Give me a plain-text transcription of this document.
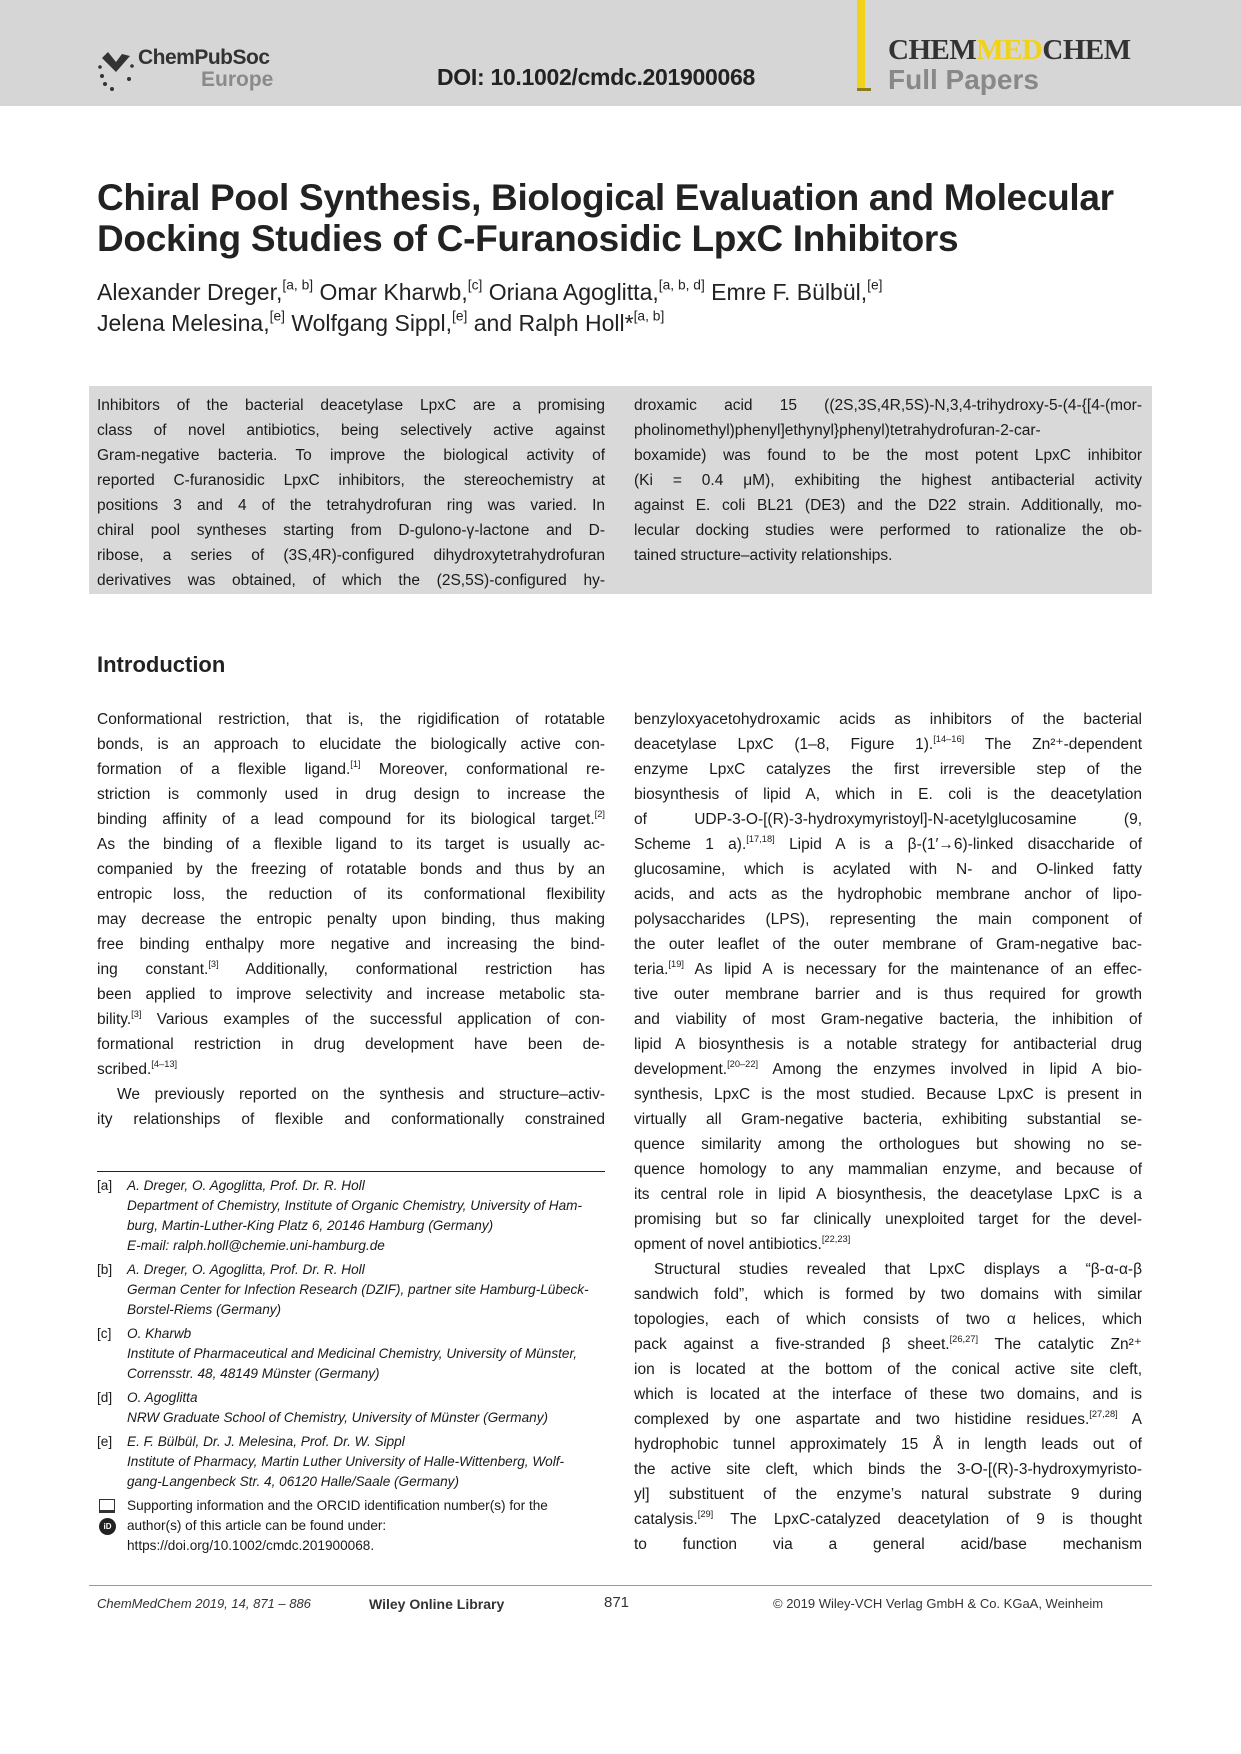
ChemPubSoc
Europe	DOI: 10.1002/cmdc.201900068
CHEMMEDCHEM
Full Papers
Chiral Pool Synthesis, Biological Evaluation and Molecular
Docking Studies of C-Furanosidic LpxC Inhibitors
Alexander Dreger,[a, b] Omar Kharwb,[c] Oriana Agoglitta,[a, b, d] Emre F. Bülbül,[e]
Jelena Melesina,[e] Wolfgang Sippl,[e] and Ralph Holl*[a, b]
Inhibitors of the bacterial deacetylase LpxC are a promising
class of novel antibiotics, being selectively active against
Gram-negative bacteria. To improve the biological activity of
reported C-furanosidic LpxC inhibitors, the stereochemistry at
positions 3 and 4 of the tetrahydrofuran ring was varied. In
chiral pool syntheses starting from D-gulono-γ-lactone and D-
ribose, a series of (3S,4R)-configured dihydroxytetrahydrofuran
derivatives was obtained, of which the (2S,5S)-configured hy-
droxamic acid 15 ((2S,3S,4R,5S)-N,3,4-trihydroxy-5-(4-{[4-(mor-
pholinomethyl)phenyl]ethynyl}phenyl)tetrahydrofuran-2-car-
boxamide) was found to be the most potent LpxC inhibitor
(Ki = 0.4 μM), exhibiting the highest antibacterial activity
against E. coli BL21 (DE3) and the D22 strain. Additionally, mo-
lecular docking studies were performed to rationalize the ob-
tained structure–activity relationships.
Introduction
Conformational restriction, that is, the rigidification of rotatable
bonds, is an approach to elucidate the biologically active con-
formation of a flexible ligand.[1] Moreover, conformational re-
striction is commonly used in drug design to increase the
binding affinity of a lead compound for its biological target.[2]
As the binding of a flexible ligand to its target is usually ac-
companied by the freezing of rotatable bonds and thus by an
entropic loss, the reduction of its conformational flexibility
may decrease the entropic penalty upon binding, thus making
free binding enthalpy more negative and increasing the bind-
ing constant.[3] Additionally, conformational restriction has
been applied to improve selectivity and increase metabolic sta-
bility.[3] Various examples of the successful application of con-
formational restriction in drug development have been de-
scribed.[4–13]
We previously reported on the synthesis and structure–activ-
ity relationships of flexible and conformationally constrained
benzyloxyacetohydroxamic acids as inhibitors of the bacterial
deacetylase LpxC (1–8, Figure 1).[14–16] The Zn²⁺-dependent
enzyme LpxC catalyzes the first irreversible step of the
biosynthesis of lipid A, which in E. coli is the deacetylation
of UDP-3-O-[(R)-3-hydroxymyristoyl]-N-acetylglucosamine (9,
Scheme 1 a).[17,18] Lipid A is a β-(1′→6)-linked disaccharide of
glucosamine, which is acylated with N- and O-linked fatty
acids, and acts as the hydrophobic membrane anchor of lipo-
polysaccharides (LPS), representing the main component of
the outer leaflet of the outer membrane of Gram-negative bac-
teria.[19] As lipid A is necessary for the maintenance of an effec-
tive outer membrane barrier and is thus required for growth
and viability of most Gram-negative bacteria, the inhibition of
lipid A biosynthesis is a notable strategy for antibacterial drug
development.[20–22] Among the enzymes involved in lipid A bio-
synthesis, LpxC is the most studied. Because LpxC is present in
virtually all Gram-negative bacteria, exhibiting substantial se-
quence similarity among the orthologues but showing no se-
quence homology to any mammalian enzyme, and because of
its central role in lipid A biosynthesis, the deacetylase LpxC is a
promising but so far clinically unexploited target for the devel-
opment of novel antibiotics.[22,23]
Structural studies revealed that LpxC displays a “β-α-α-β
sandwich fold”, which is formed by two domains with similar
topologies, each of which consists of two α helices, which
pack against a five-stranded β sheet.[26,27] The catalytic Zn²⁺
ion is located at the bottom of the conical active site cleft,
which is located at the interface of these two domains, and is
complexed by one aspartate and two histidine residues.[27,28] A
hydrophobic tunnel approximately 15 Å in length leads out of
the active site cleft, which binds the 3-O-[(R)-3-hydroxymyristo-
yl] substituent of the enzyme’s natural substrate 9 during
catalysis.[29] The LpxC-catalyzed deacetylation of 9 is thought
to function via a general acid/base mechanism
[a] A. Dreger, O. Agoglitta, Prof. Dr. R. Holl
Department of Chemistry, Institute of Organic Chemistry, University of Ham-
burg, Martin-Luther-King Platz 6, 20146 Hamburg (Germany)
E-mail: ralph.holl@chemie.uni-hamburg.de
[b] A. Dreger, O. Agoglitta, Prof. Dr. R. Holl
German Center for Infection Research (DZIF), partner site Hamburg-Lübeck-
Borstel-Riems (Germany)
[c] O. Kharwb
Institute of Pharmaceutical and Medicinal Chemistry, University of Münster,
Corrensstr. 48, 48149 Münster (Germany)
[d] O. Agoglitta
NRW Graduate School of Chemistry, University of Münster (Germany)
[e] E. F. Bülbül, Dr. J. Melesina, Prof. Dr. W. Sippl
Institute of Pharmacy, Martin Luther University of Halle-Wittenberg, Wolf-
gang-Langenbeck Str. 4, 06120 Halle/Saale (Germany)
iD
Supporting information and the ORCID identification number(s) for the
author(s) of this article can be found under:
https://doi.org/10.1002/cmdc.201900068.
ChemMedChem 2019, 14, 871 – 886	Wiley Online Library	871	© 2019 Wiley-VCH Verlag GmbH & Co. KGaA, Weinheim
